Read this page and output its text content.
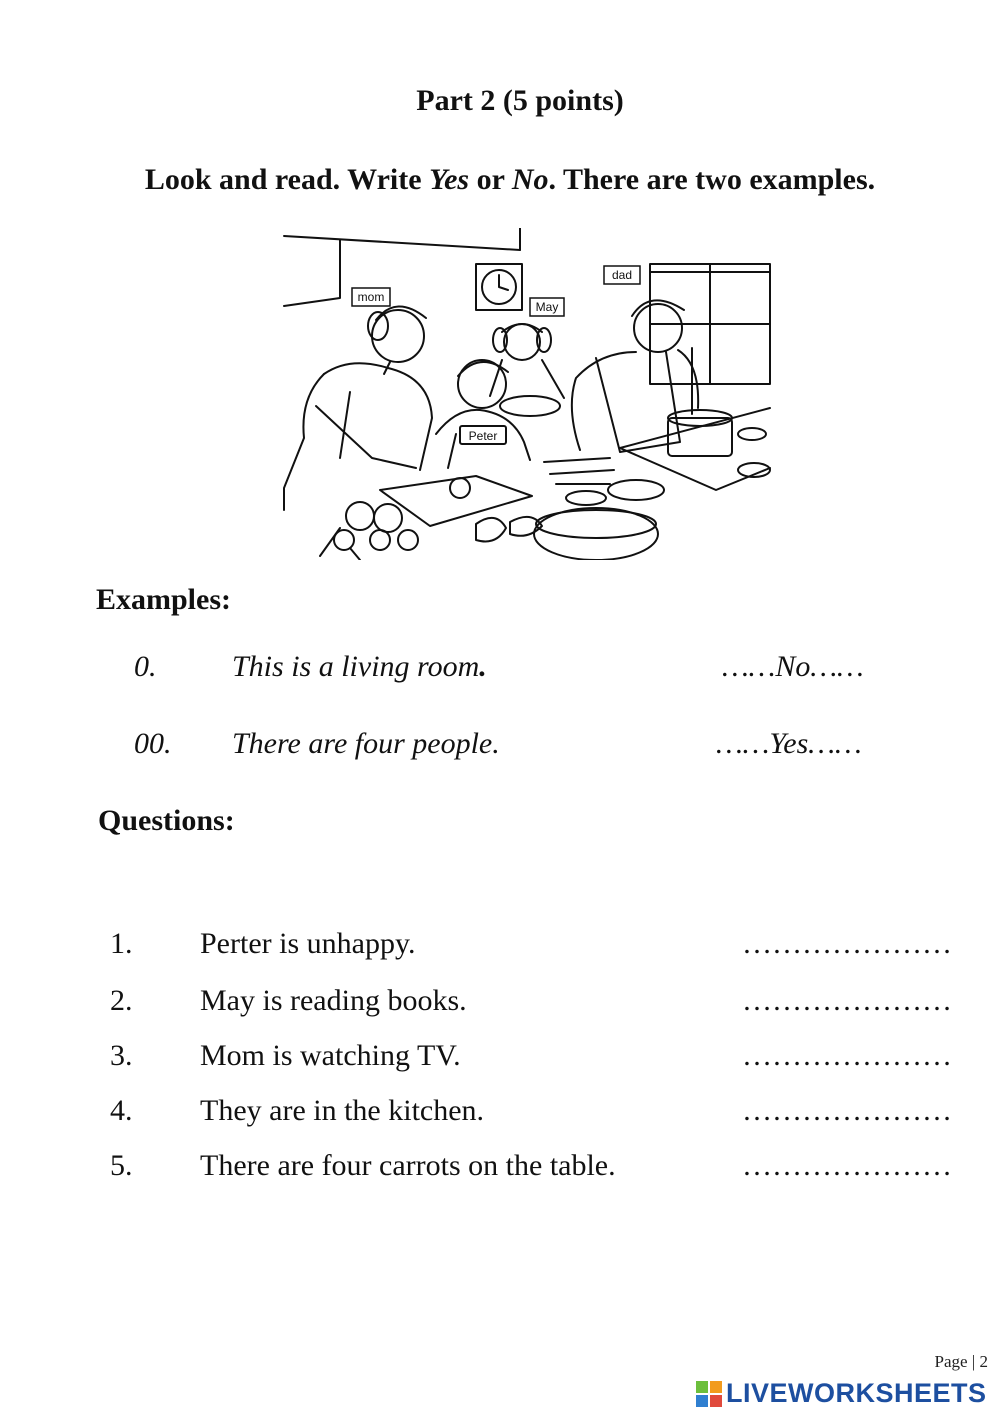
Part 2 (5 points)
Look and read. Write Yes or No. There are two examples.
mom
May
dad
Peter
Examples:
0.	This is a living room.	……No……
00. There are four people.	……Yes……
Questions:
1. Perter is unhappy.	…………………
2. May is reading books.	…………………
3. Mom is watching TV.	…………………
4. They are in the kitchen.	…………………
5. There are four carrots on the table.	…………………
Page | 2
LIVEWORKSHEETS
